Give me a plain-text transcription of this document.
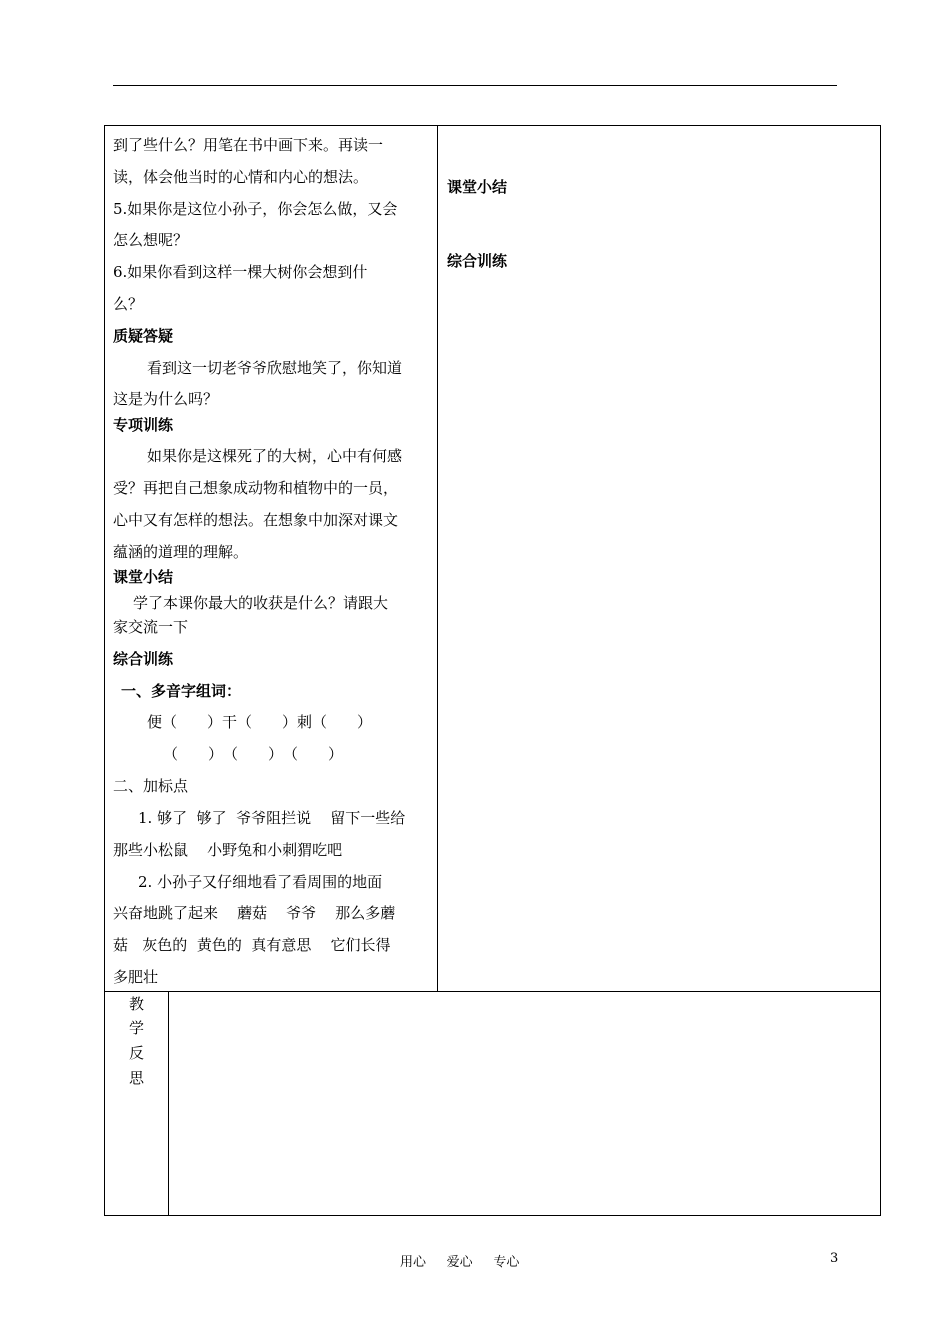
到了些什么？用笔在书中画下来。再读一
读，体会他当时的心情和内心的想法。
5.如果你是这位小孙子，你会怎么做，又会
怎么想呢？
6.如果你看到这样一棵大树你会想到什
么？
质疑答疑
看到这一切老爷爷欣慰地笑了，你知道
这是为什么吗？
专项训练
如果你是这棵死了的大树，心中有何感
受？再把自己想象成动物和植物中的一员，
心中又有怎样的想法。在想象中加深对课文
蕴涵的道理的理解。
课堂小结
学了本课你最大的收获是什么？请跟大
家交流一下
综合训练
一、多音字组词：
便（　　）干（　　）刺（　　）
（　　）　（　　）　（　　）
二、加标点
1. 够了  够了  爷爷阻拦说    留下一些给
那些小松鼠    小野兔和小刺猬吃吧
2. 小孙子又仔细地看了看周围的地面
兴奋地跳了起来    蘑菇    爷爷    那么多蘑
菇   灰色的  黄色的  真有意思    它们长得
多肥壮
课堂小结
综合训练
教
学
反
思
用心     爱心     专心	3
